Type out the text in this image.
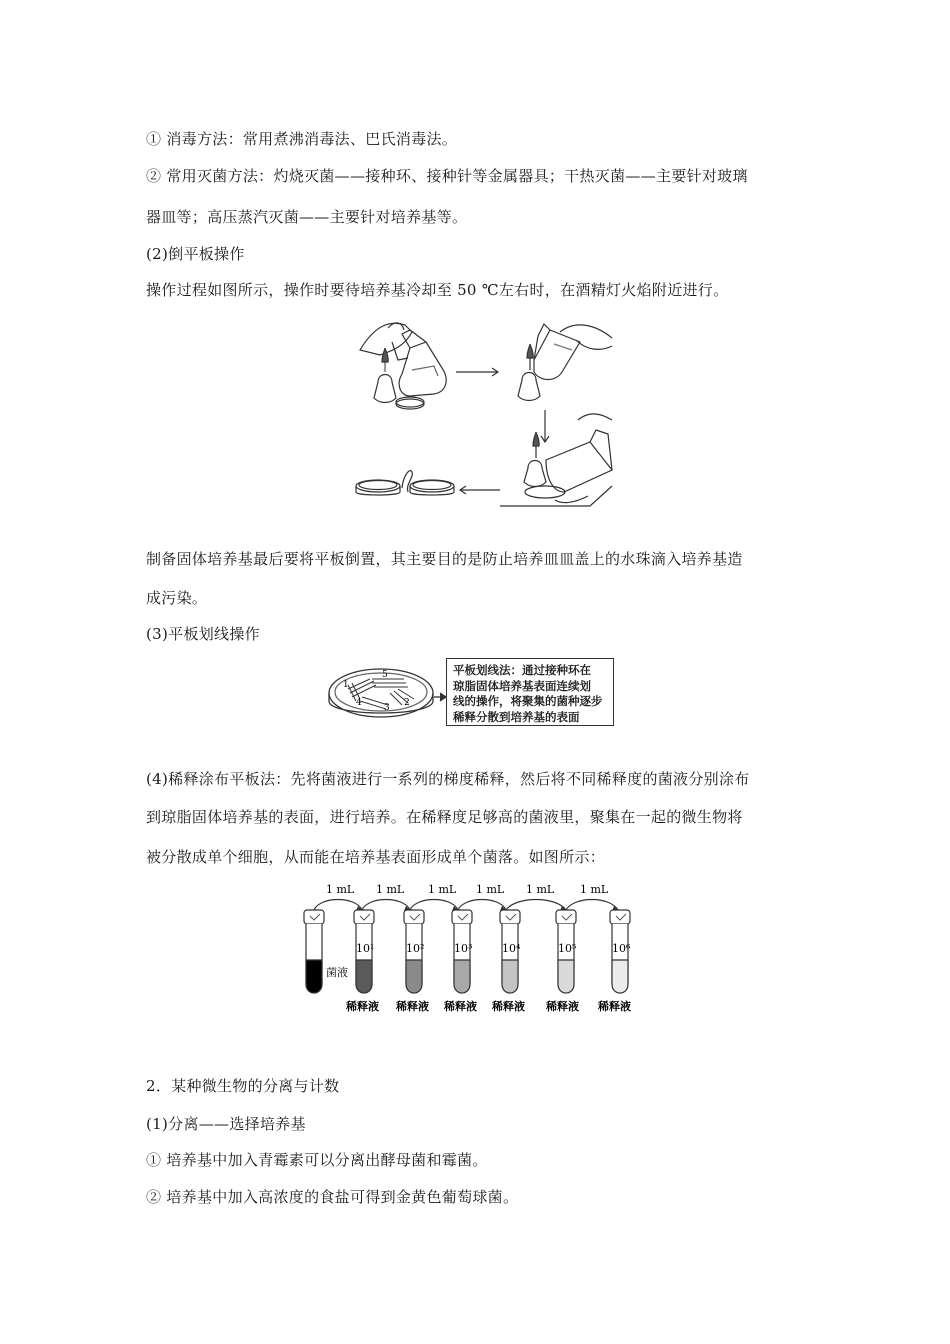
① 消毒方法：常用煮沸消毒法、巴氏消毒法。
② 常用灭菌方法：灼烧灭菌——接种环、接种针等金属器具；干热灭菌——主要针对玻璃
器皿等；高压蒸汽灭菌——主要针对培养基等。
(2)倒平板操作
操作过程如图所示，操作时要待培养基冷却至 50 ℃左右时，在酒精灯火焰附近进行。
制备固体培养基最后要将平板倒置，其主要目的是防止培养皿皿盖上的水珠滴入培养基造
成污染。
(3)平板划线操作
1
2
3
4
5	平板划线法：通过接种环在
琼脂固体培养基表面连续划
线的操作，将聚集的菌种逐步
稀释分散到培养基的表面
(4)稀释涂布平板法：先将菌液进行一系列的梯度稀释，然后将不同稀释度的菌液分别涂布
到琼脂固体培养基的表面，进行培养。在稀释度足够高的菌液里，聚集在一起的微生物将
被分散成单个细胞，从而能在培养基表面形成单个菌落。如图所示：
1 mL 1 mL 1 mL 1 mL 1 mL 1 mL
10¹	10²	10³	10⁴	10⁵	10⁶
菌液
稀释液 稀释液 稀释液 稀释液 稀释液 稀释液
2．某种微生物的分离与计数
(1)分离——选择培养基
① 培养基中加入青霉素可以分离出酵母菌和霉菌。
② 培养基中加入高浓度的食盐可得到金黄色葡萄球菌。
